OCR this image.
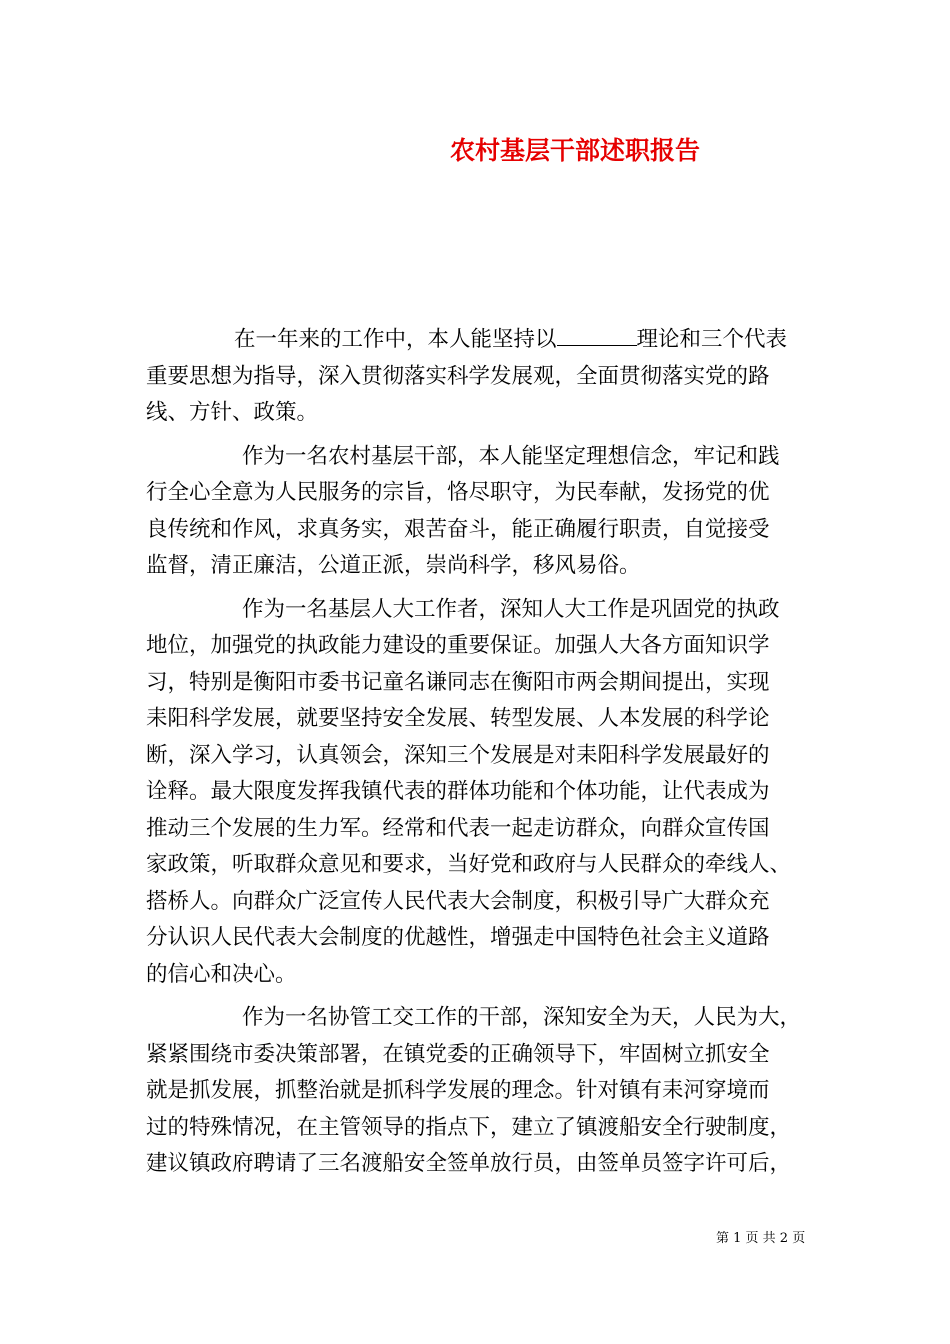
农村基层干部述职报告
在一年来的工作中，本人能坚持以	理论和三个代表
重要思想为指导，深入贯彻落实科学发展观，全面贯彻落实党的路
线、方针、政策。
作为一名农村基层干部，本人能坚定理想信念，牢记和践
行全心全意为人民服务的宗旨，恪尽职守，为民奉献，发扬党的优
良传统和作风，求真务实，艰苦奋斗，能正确履行职责，自觉接受
监督，清正廉洁，公道正派，崇尚科学，移风易俗。
作为一名基层人大工作者，深知人大工作是巩固党的执政
地位，加强党的执政能力建设的重要保证。加强人大各方面知识学
习，特别是衡阳市委书记童名谦同志在衡阳市两会期间提出，实现
耒阳科学发展，就要坚持安全发展、转型发展、人本发展的科学论
断，深入学习，认真领会，深知三个发展是对耒阳科学发展最好的
诠释。最大限度发挥我镇代表的群体功能和个体功能，让代表成为
推动三个发展的生力军。经常和代表一起走访群众，向群众宣传国
家政策，听取群众意见和要求，当好党和政府与人民群众的牵线人、
搭桥人。向群众广泛宣传人民代表大会制度，积极引导广大群众充
分认识人民代表大会制度的优越性，增强走中国特色社会主义道路
的信心和决心。
作为一名协管工交工作的干部，深知安全为天，人民为大，
紧紧围绕市委决策部署，在镇党委的正确领导下，牢固树立抓安全
就是抓发展，抓整治就是抓科学发展的理念。针对镇有耒河穿境而
过的特殊情况，在主管领导的指点下，建立了镇渡船安全行驶制度，
建议镇政府聘请了三名渡船安全签单放行员，由签单员签字许可后，
第 1 页 共 2 页
